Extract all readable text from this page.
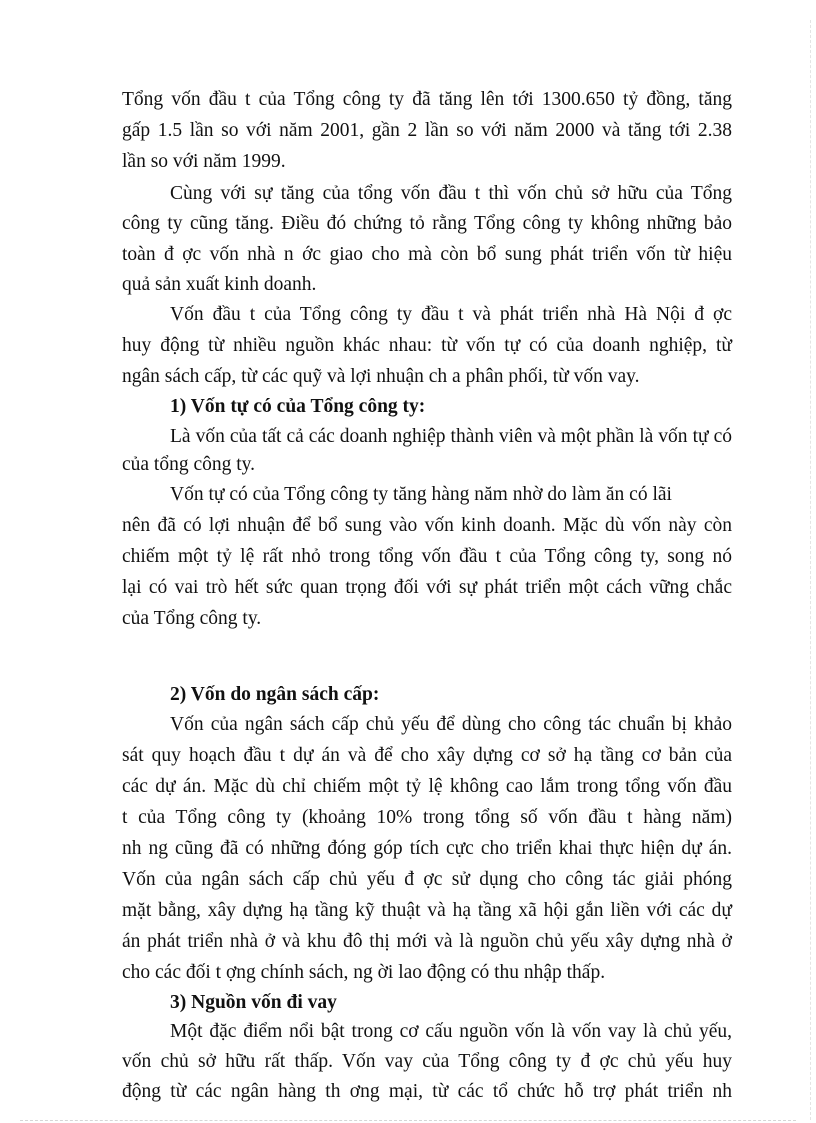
Tổng vốn đầu t của Tổng công ty đã tăng lên tới 1300.650 tỷ đồng, tăng
gấp 1.5 lần so với năm 2001, gần 2 lần so với năm 2000 và tăng tới 2.38
lần so với năm 1999.
Cùng với sự tăng của tổng vốn đầu t thì vốn chủ sở hữu của Tổng
công ty cũng tăng. Điều đó chứng tỏ rằng Tổng công ty không những bảo
toàn đ ợc vốn nhà n ớc giao cho mà còn bổ sung phát triển vốn từ hiệu
quả sản xuất kinh doanh.
Vốn đầu t của Tổng công ty đầu t và phát triển nhà Hà Nội đ ợc
huy động từ nhiều nguồn khác nhau: từ vốn tự có của doanh nghiệp, từ
ngân sách cấp, từ các quỹ và lợi nhuận ch a phân phối, từ vốn vay.
1) Vốn tự có của Tổng công ty:
Là vốn của tất cả các doanh nghiệp thành viên và một phần là vốn tự có
của tổng công ty.
Vốn tự có của Tổng công ty tăng hàng năm nhờ do làm ăn có lãi
nên đã có lợi nhuận để bổ sung vào vốn kinh doanh. Mặc dù vốn này còn
chiếm một tỷ lệ rất nhỏ trong tổng vốn đầu t của Tổng công ty, song nó
lại có vai trò hết sức quan trọng đối với sự phát triển một cách vững chắc
của Tổng công ty.
2) Vốn do ngân sách cấp:
Vốn của ngân sách cấp chủ yếu để dùng cho công tác chuẩn bị khảo
sát quy hoạch đầu t dự án và để cho xây dựng cơ sở hạ tầng cơ bản của
các dự án. Mặc dù chỉ chiếm một tỷ lệ không cao lắm trong tổng vốn đầu
t của Tổng công ty (khoảng 10% trong tổng số vốn đầu t hàng năm)
nh ng cũng đã có những đóng góp tích cực cho triển khai thực hiện dự án.
Vốn của ngân sách cấp chủ yếu đ ợc sử dụng cho công tác giải phóng
mặt bằng, xây dựng hạ tầng kỹ thuật và hạ tầng xã hội gắn liền với các dự
án phát triển nhà ở và khu đô thị mới và là nguồn chủ yếu xây dựng nhà ở
cho các đối t ợng chính sách, ng ời lao động có thu nhập thấp.
3) Nguồn vốn đi vay
Một đặc điểm nổi bật trong cơ cấu nguồn vốn là vốn vay là chủ yếu,
vốn chủ sở hữu rất thấp. Vốn vay của Tổng công ty đ ợc chủ yếu huy
động từ các ngân hàng th ơng mại, từ các tổ chức hỗ trợ phát triển nh
